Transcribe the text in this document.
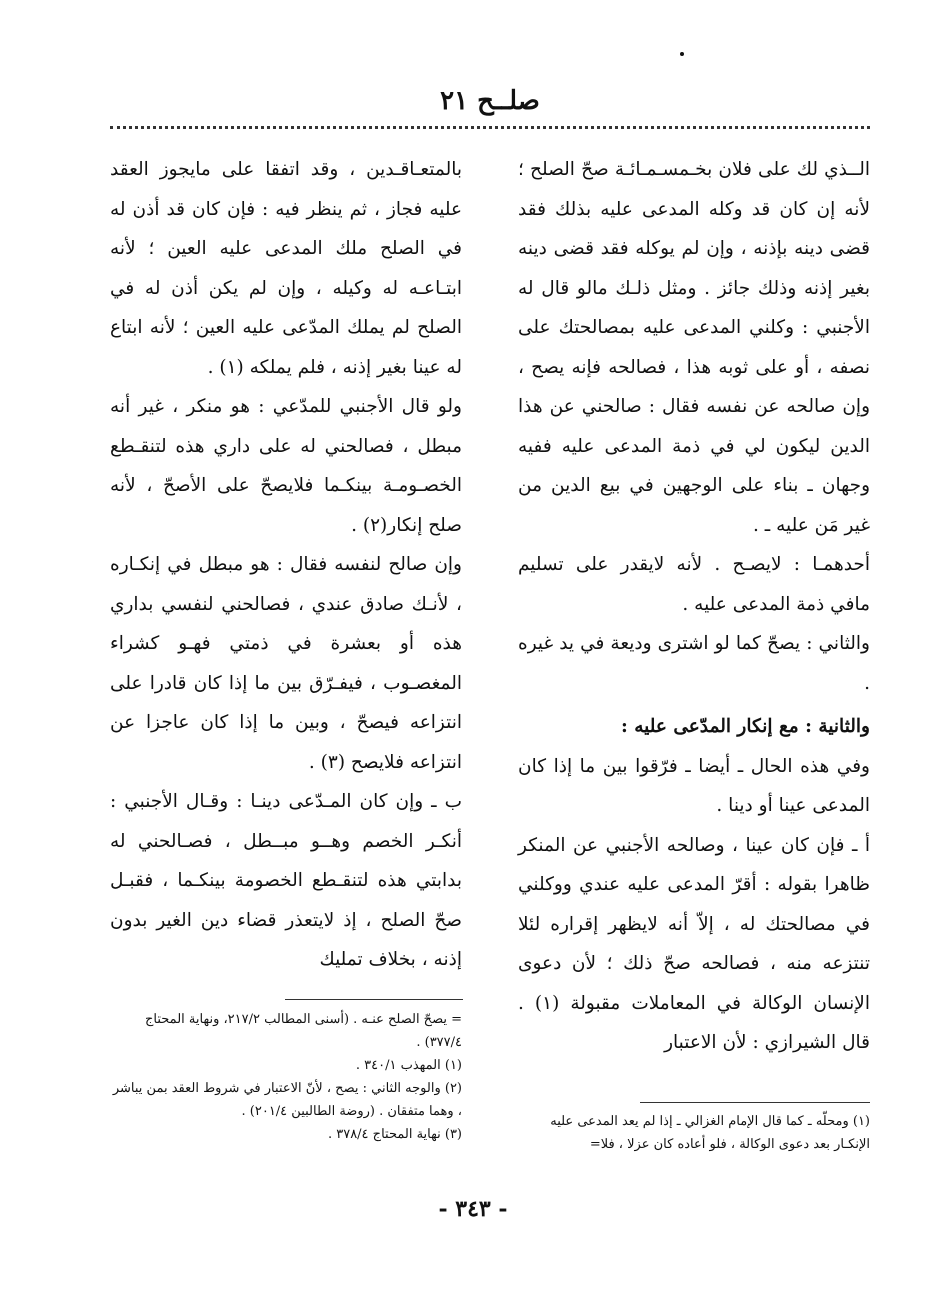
صلــح ٢١

الــذي لك على فلان بخـمسـمـائـة صحّ الصلح ؛ لأنه إن كان قد وكله المدعى عليه بذلك فقد قضى دينه بإذنه ، وإن لم يوكله فقد قضى دينه بغير إذنه وذلك جائز . ومثل ذلـك مالو قال له الأجنبي : وكلني المدعى عليه بمصالحتك على نصفه ، أو على ثوبه هذا ، فصالحه فإنه يصح ، وإن صالحه عن نفسه فقال : صالحني عن هذا الدين ليكون لي في ذمة المدعى عليه ففيه وجهان ـ بناء على الوجهين في بيع الدين من غير مَن عليه ـ .

أحدهمـا : لايصـح . لأنه لايقدر على تسليم مافي ذمة المدعى عليه .

والثاني : يصحّ كما لو اشترى وديعة في يد غيره .

والثانية : مع إنكار المدّعى عليه :

وفي هذه الحال ـ أيضا ـ فرّقوا بين ما إذا كان المدعى عينا أو دينا .

أ ـ فإن كان عينا ، وصالحه الأجنبي عن المنكر ظاهرا بقوله : أقرّ المدعى عليه عندي ووكلني في مصالحتك له ، إلاّ أنه لايظهر إقراره لئلا تنتزعه منه ، فصالحه صحّ ذلك ؛ لأن دعوى الإنسان الوكالة في المعاملات مقبولة (١) . قال الشيرازي : لأن الاعتبار

بالمتعـاقـدين ، وقد اتفقا على مايجوز العقد عليه فجاز ، ثم ينظر فيه : فإن كان قد أذن له في الصلح ملك المدعى عليه العين ؛ لأنه ابتـاعـه له وكيله ، وإن لم يكن أذن له في الصلح لم يملك المدّعى عليه العين ؛ لأنه ابتاع له عينا بغير إذنه ، فلم يملكه (١) .

ولو قال الأجنبي للمدّعي : هو منكر ، غير أنه مبطل ، فصالحني له على داري هذه لتنقـطع الخصـومـة بينكـما فلايصحّ على الأصحّ ، لأنه صلح إنكار(٢) .

وإن صالح لنفسه فقال : هو مبطل في إنكـاره ، لأنـك صادق عندي ، فصالحني لنفسي بداري هذه أو بعشرة في ذمتي فهـو كشراء المغصـوب ، فيفـرّق بين ما إذا كان قادرا على انتزاعه فيصحّ ، وبين ما إذا كان عاجزا عن انتزاعه فلايصح (٣) .

ب ـ وإن كان المـدّعى دينـا : وقـال الأجنبي : أنكـر الخصم وهــو مبــطل ، فصـالحني له بدابتي هذه لتنقـطع الخصومة بينكـما ، فقبـل صحّ الصلح ، إذ لايتعذر قضاء دين الغير بدون إذنه ، بخلاف تمليك

(١) ومحلّه ـ كما قال الإمام الغزالي ـ إذا لم يعد المدعى عليه الإنكـار بعد دعوى الوكالة ، فلو أعاده كان عزلا ، فلا=

= يصحّ الصلح عنـه . (أسنى المطالب ٢١٧/٢، ونهاية المحتاج ٣٧٧/٤) .

(١) المهذب ٣٤٠/١ .

(٢) والوجه الثاني : يصح ، لأنّ الاعتبار في شروط العقد بمن يباشر ، وهما متفقان . (روضة الطالبين ٢٠١/٤) .

(٣) نهاية المحتاج ٣٧٨/٤ .

- ٣٤٣ -
